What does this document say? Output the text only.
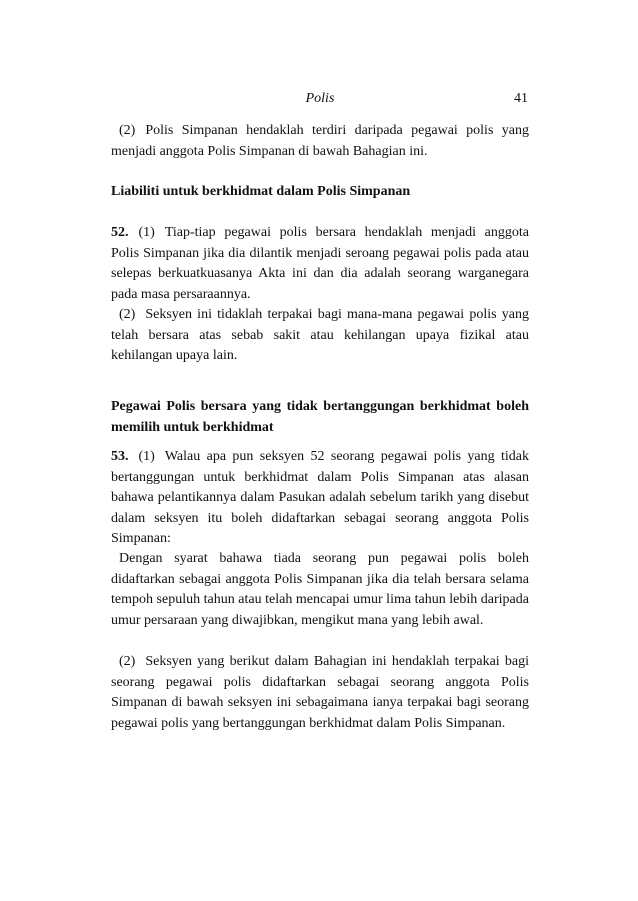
Polis	41
(2) Polis Simpanan hendaklah terdiri daripada pegawai polis yang menjadi anggota Polis Simpanan di bawah Bahagian ini.
Liabiliti untuk berkhidmat dalam Polis Simpanan
52. (1) Tiap-tiap pegawai polis bersara hendaklah menjadi anggota Polis Simpanan jika dia dilantik menjadi seroang pegawai polis pada atau selepas berkuatkuasanya Akta ini dan dia adalah seorang warganegara pada masa persaraannya.
(2) Seksyen ini tidaklah terpakai bagi mana-mana pegawai polis yang telah bersara atas sebab sakit atau kehilangan upaya fizikal atau kehilangan upaya lain.
Pegawai Polis bersara yang tidak bertanggungan berkhidmat boleh memilih untuk berkhidmat
53. (1) Walau apa pun seksyen 52 seorang pegawai polis yang tidak bertanggungan untuk berkhidmat dalam Polis Simpanan atas alasan bahawa pelantikannya dalam Pasukan adalah sebelum tarikh yang disebut dalam seksyen itu boleh didaftarkan sebagai seorang anggota Polis Simpanan:
Dengan syarat bahawa tiada seorang pun pegawai polis boleh didaftarkan sebagai anggota Polis Simpanan jika dia telah bersara selama tempoh sepuluh tahun atau telah mencapai umur lima tahun lebih daripada umur persaraan yang diwajibkan, mengikut mana yang lebih awal.
(2) Seksyen yang berikut dalam Bahagian ini hendaklah terpakai bagi seorang pegawai polis didaftarkan sebagai seorang anggota Polis Simpanan di bawah seksyen ini sebagaimana ianya terpakai bagi seorang pegawai polis yang bertanggungan berkhidmat dalam Polis Simpanan.
